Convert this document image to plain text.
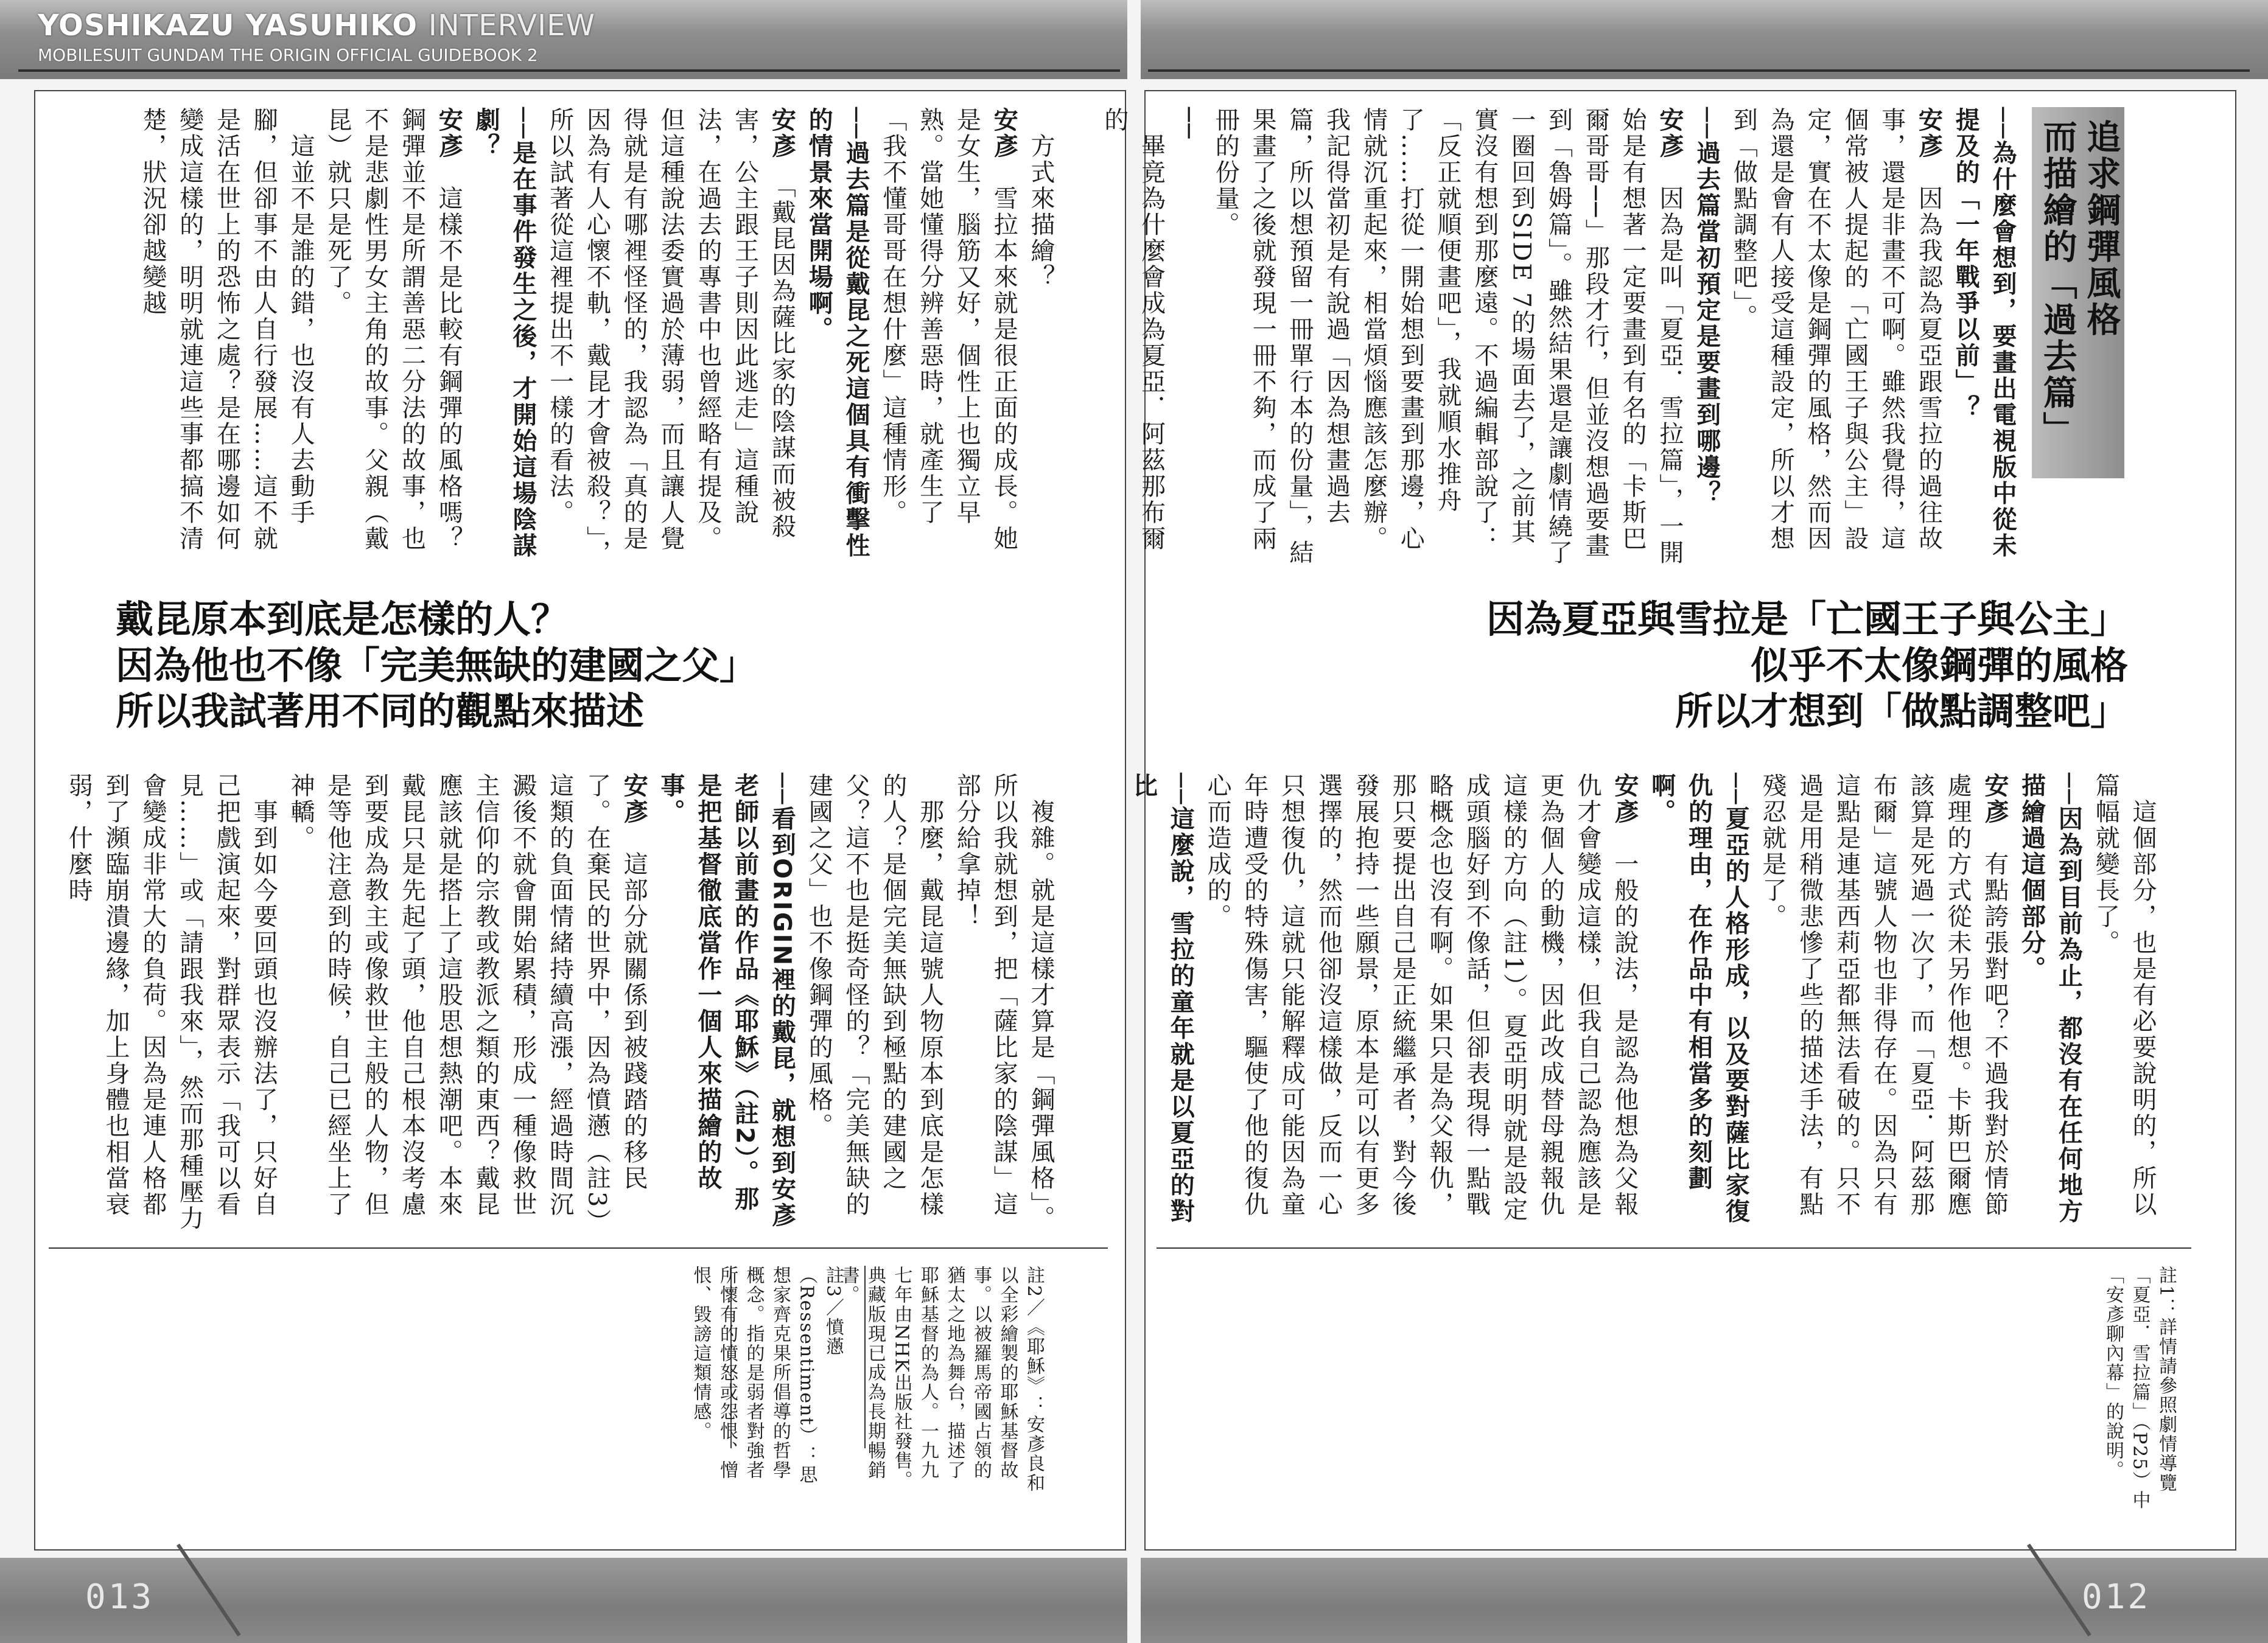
YOSHIKAZU YASUHIKO INTERVIEW
MOBILESUIT GUNDAM THE ORIGIN OFFICIAL GUIDEBOOK 2
追求鋼彈風格
而描繪的「過去篇」

──為什麼會想到，要畫出電視版中從未提及的「一年戰爭以前」？

安彥　因為我認為夏亞跟雪拉的過往故事，還是非畫不可啊。雖然我覺得，這個常被人提起的「亡國王子與公主」設定，實在不太像是鋼彈的風格，然而因為還是會有人接受這種設定，所以才想到「做點調整吧」。

──過去篇當初預定是要畫到哪邊？

安彥　因為是叫「夏亞．雪拉篇」，一開始是有想著一定要畫到有名的「卡斯巴爾哥哥──」那段才行，但並沒想過要畫到「魯姆篇」。雖然結果還是讓劇情繞了一圈回到SIDE 7的場面去了，之前其實沒有想到那麼遠。不過編輯部說了：「反正就順便畫吧」，我就順水推舟了……打從一開始想到要畫到那邊，心情就沉重起來，相當煩惱應該怎麼辦。我記得當初是有說過「因為想畫過去篇，所以想預留一冊單行本的份量」，結果畫了之後就發現一冊不夠，而成了兩冊的份量。

──

　畢竟為什麼會成為夏亞．阿茲那布爾的

因為夏亞與雪拉是「亡國王子與公主」
似乎不太像鋼彈的風格
所以才想到「做點調整吧」

　這個部分，也是有必要說明的，所以篇幅就變長了。

──因為到目前為止，都沒有在任何地方描繪過這個部分。

安彥　有點誇張對吧？不過我對於情節處理的方式從未另作他想。卡斯巴爾應該算是死過一次了，而「夏亞．阿茲那布爾」這號人物也非得存在。因為只有這點是連基西莉亞都無法看破的。只不過是用稍微悲慘了些的描述手法，有點殘忍就是了。

──夏亞的人格形成，以及要對薩比家復仇的理由，在作品中有相當多的刻劃啊。

安彥　一般的說法，是認為他想為父報仇才會變成這樣，但我自己認為應該是更為個人的動機，因此改成替母親報仇這樣的方向（註1）。夏亞明明就是設定成頭腦好到不像話，但卻表現得一點戰略概念也沒有啊。如果只是為父報仇，那只要提出自己是正統繼承者，對今後發展抱持一些願景，原本是可以有更多選擇的，然而他卻沒這樣做，反而一心只想復仇，這就只能解釋成可能因為童年時遭受的特殊傷害，驅使了他的復仇心而造成的。

──這麼說，雪拉的童年就是以夏亞的對比

註1：詳情請參照劇情導覽「夏亞．雪拉篇」（P25）中「安彥聊內幕」的說明。

　方式來描繪？

安彥　雪拉本來就是很正面的成長。她是女生，腦筋又好，個性上也獨立早熟。當她懂得分辨善惡時，就產生了「我不懂哥哥在想什麼」這種情形。

──過去篇是從戴昆之死這個具有衝擊性的情景來當開場啊。

安彥　「戴昆因為薩比家的陰謀而被殺害，公主跟王子則因此逃走」這種說法，在過去的專書中也曾經略有提及。但這種說法委實過於薄弱，而且讓人覺得就是有哪裡怪怪的，我認為「真的是因為有人心懷不軌，戴昆才會被殺？」，所以試著從這裡提出不一樣的看法。

──是在事件發生之後，才開始這場陰謀劇？

安彥　這樣不是比較有鋼彈的風格嗎？鋼彈並不是所謂善惡二分法的故事，也不是悲劇性男女主角的故事。父親（戴昆）就只是死了。

　這並不是誰的錯，也沒有人去動手腳，但卻事不由人自行發展……這不就是活在世上的恐怖之處？是在哪邊如何變成這樣的，明明就連這些事都搞不清楚，狀況卻越變越

戴昆原本到底是怎樣的人？
因為他也不像「完美無缺的建國之父」
所以我試著用不同的觀點來描述

　複雜。就是這樣才算是「鋼彈風格」。所以我就想到，把「薩比家的陰謀」這部分給拿掉！

　那麼，戴昆這號人物原本到底是怎樣的人？是個完美無缺到極點的建國之父？這不也是挺奇怪的？「完美無缺的建國之父」也不像鋼彈的風格。

──看到ORIGIN裡的戴昆，就想到安彥老師以前畫的作品《耶穌》（註2）。那是把基督徹底當作一個人來描繪的故事。

安彥　這部分就關係到被踐踏的移民了。在棄民的世界中，因為憤懣（註3）這類的負面情緒持續高漲，經過時間沉澱後不就會開始累積，形成一種像救世主信仰的宗教或教派之類的東西？戴昆應該就是搭上了這股思想熱潮吧。本來戴昆只是先起了頭，他自己根本沒考慮到要成為教主或像救世主般的人物，但是等他注意到的時候，自己已經坐上了神轎。

　事到如今要回頭也沒辦法了，只好自己把戲演起來，對群眾表示「我可以看見……」或「請跟我來」，然而那種壓力會變成非常大的負荷。因為是連人格都到了瀕臨崩潰邊緣，加上身體也相當衰弱，什麼時

註2／《耶穌》：安彥良和以全彩繪製的耶穌基督故事。以被羅馬帝國占領的猶太之地為舞台，描述了耶穌基督的為人。一九九七年由NHK出版社發售。典藏版現已成為長期暢銷書。
註3／憤懣（Ressentiment）：思想家齊克果所倡導的哲學概念。指的是弱者對強者所懷有的憤怒或怨恨、憎恨、毀謗這類情感。
013	012
